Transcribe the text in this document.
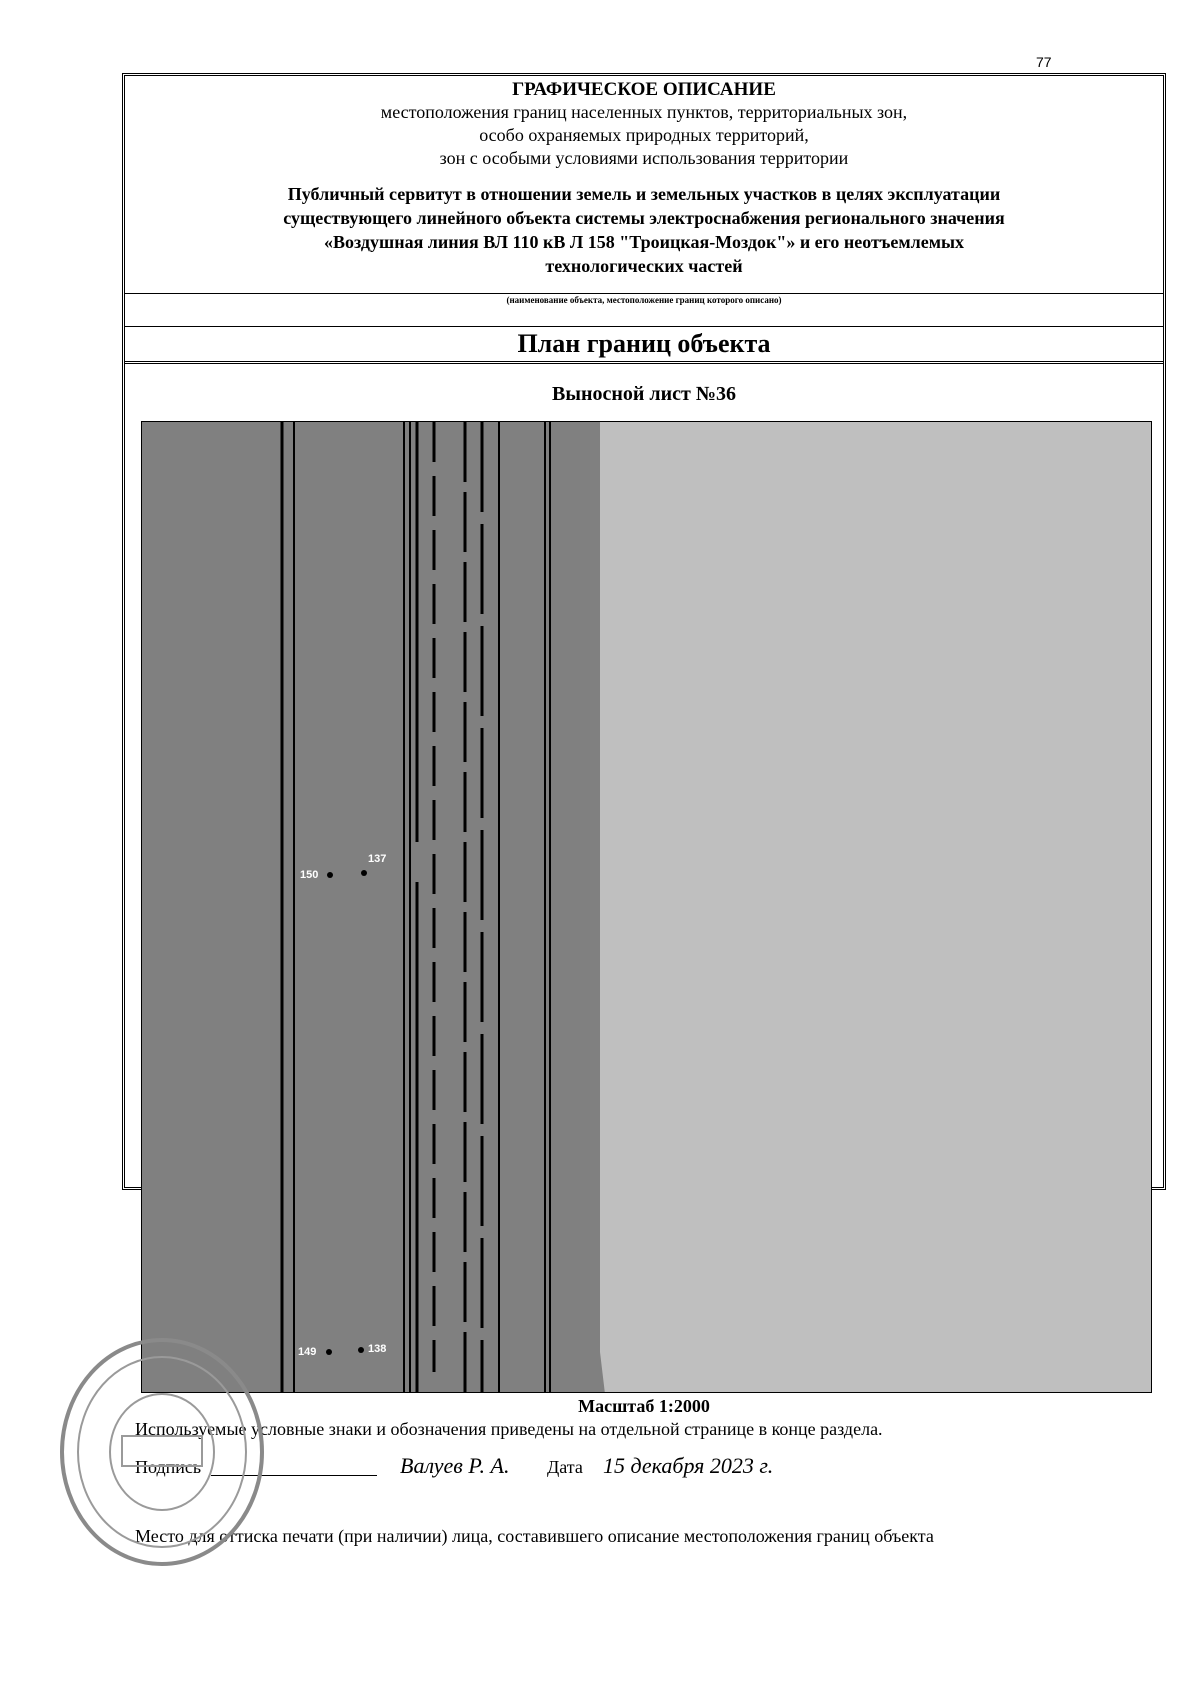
77
ГРАФИЧЕСКОЕ ОПИСАНИЕ
местоположения границ населенных пунктов, территориальных зон,
особо охраняемых природных территорий,
зон с особыми условиями использования территории
Публичный сервитут в отношении земель и земельных участков в целях эксплуатации
существующего линейного объекта системы электроснабжения регионального значения
«Воздушная линия ВЛ 110 кВ Л 158 "Троицкая-Моздок"» и его неотъемлемых
технологических частей
(наименование объекта, местоположение границ которого описано)
План границ объекта
Выносной лист №36
150
137
149	138
Масштаб 1:2000
Используемые условные знаки и обозначения приведены на отдельной странице в конце раздела.
Подпись	Валуев Р. А. Дата 15 декабря 2023 г.
Место для оттиска печати (при наличии) лица, составившего описание местоположения границ объекта
